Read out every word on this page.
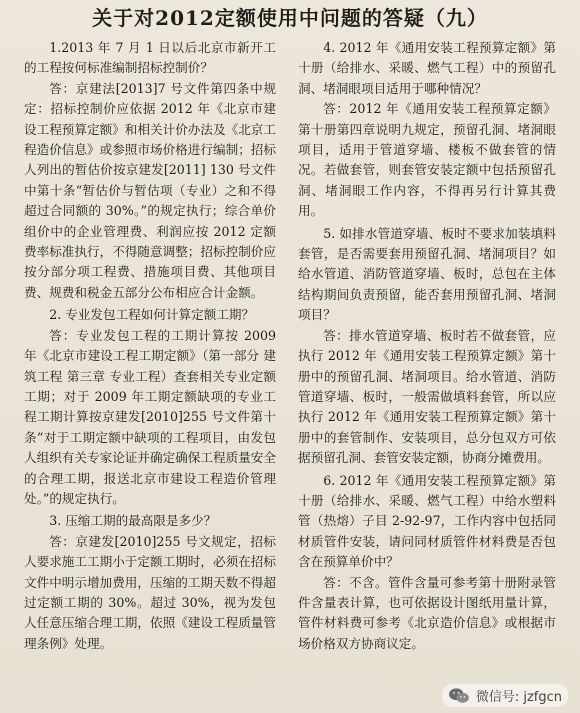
关于对2012定额使用中问题的答疑（九）

1.2013 年 7 月 1 日以后北京市新开工的工程按何标准编制招标控制价？

答：京建法[2013]7 号文件第四条中规定：招标控制价应依据 2012 年《北京市建设工程预算定额》和相关计价办法及《北京工程造价信息》或参照市场价格进行编制；招标人列出的暂估价按京建发[2011] 130 号文件中第十条“暂估价与暂估项（专业）之和不得超过合同额的 30%。”的规定执行；综合单价组价中的企业管理费、利润应按 2012 定额费率标准执行，不得随意调整；招标控制价应按分部分项工程费、措施项目费、其他项目费、规费和税金五部分公布相应合计金额。

2. 专业发包工程如何计算定额工期？

答：专业发包工程的工期计算按 2009 年《北京市建设工程工期定额》（第一部分 建筑工程 第三章 专业工程）查套相关专业定额工期；对于 2009 年工期定额缺项的专业工程工期计算按京建发[2010]255 号文件第十条“对于工期定额中缺项的工程项目，由发包人组织有关专家论证并确定确保工程质量安全的合理工期，报送北京市建设工程造价管理处。”的规定执行。

3. 压缩工期的最高限是多少？

答：京建发[2010]255 号文规定，招标人要求施工工期小于定额工期时，必须在招标文件中明示增加费用，压缩的工期天数不得超过定额工期的 30%。超过 30%，视为发包人任意压缩合理工期，依照《建设工程质量管理条例》处理。

4. 2012 年《通用安装工程预算定额》第十册（给排水、采暖、燃气工程）中的预留孔洞、堵洞眼项目适用于哪种情况？

答：2012 年《通用安装工程预算定额》第十册第四章说明九规定，预留孔洞、堵洞眼项目，适用于管道穿墙、楼板不做套管的情况。若做套管，则套管安装定额中包括预留孔洞、堵洞眼工作内容，不得再另行计算其费用。

5. 如排水管道穿墙、板时不要求加装填料套管，是否需要套用预留孔洞、堵洞项目？如给水管道、消防管道穿墙、板时，总包在主体结构期间负责预留，能否套用预留孔洞、堵洞项目？

答：排水管道穿墙、板时若不做套管，应执行 2012 年《通用安装工程预算定额》第十册中的预留孔洞、堵洞项目。给水管道、消防管道穿墙、板时，一般需做填料套管，所以应执行 2012 年《通用安装工程预算定额》第十册中的套管制作、安装项目，总分包双方可依据预留孔洞、套管安装定额，协商分摊费用。

6. 2012 年《通用安装工程预算定额》第十册（给排水、采暖、燃气工程）中给水塑料管（热熔）子目 2-92-97，工作内容中包括同材质管件安装，请问同材质管件材料费是否包含在预算单价中？

答：不含。管件含量可参考第十册附录管件含量表计算，也可依据设计图纸用量计算，管件材料费可参考《北京造价信息》或根据市场价格双方协商议定。

微信号: jzfgcn
